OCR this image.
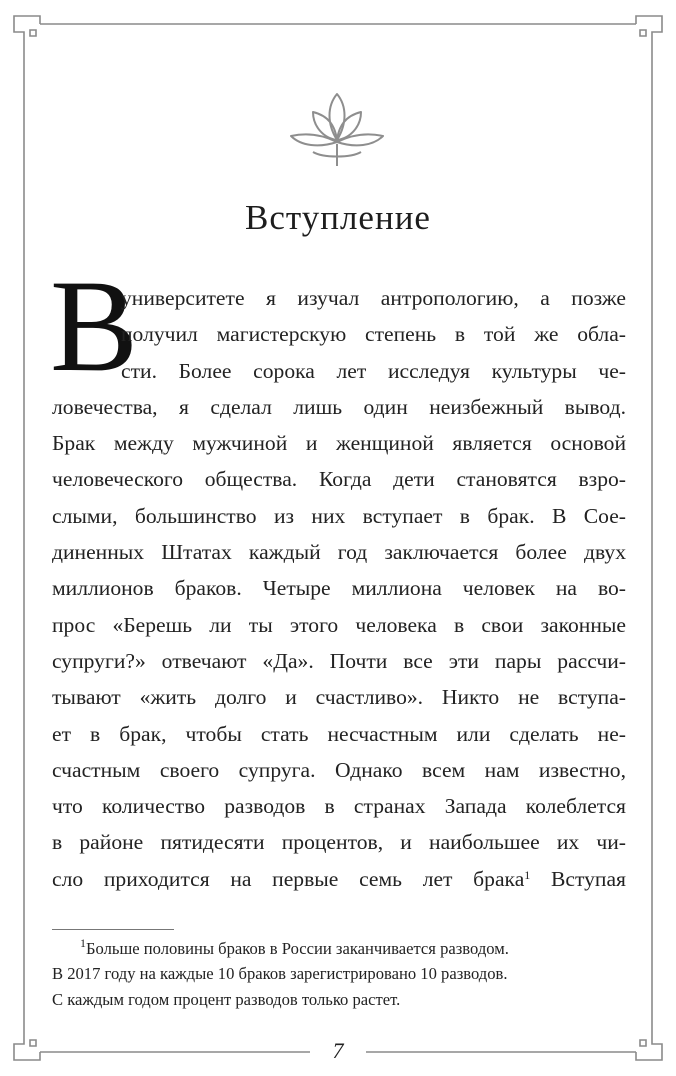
Вступление
В
университете я изучал антропологию, а позже
получил магистерскую степень в той же обла-
сти. Более сорока лет исследуя культуры че-
ловечества, я сделал лишь один неизбежный вывод.
Брак между мужчиной и женщиной является основой
человеческого общества. Когда дети становятся взро-
слыми, большинство из них вступает в брак. В Сое-
диненных Штатах каждый год заключается более двух
миллионов браков. Четыре миллиона человек на во-
прос «Берешь ли ты этого человека в свои законные
супруги?» отвечают «Да». Почти все эти пары рассчи-
тывают «жить долго и счастливо». Никто не вступа-
ет в брак, чтобы стать несчастным или сделать не-
счастным своего супруга. Однако всем нам известно,
что количество разводов в странах Запада колеблется
в районе пятидесяти процентов, и наибольшее их чи-
сло приходится на первые семь лет брака$^1$ Вступая
$^1$Больше половины браков в России заканчивается разводом.
В 2017 году на каждые 10 браков зарегистрировано 10 разводов.
С каждым годом процент разводов только растет.
7
